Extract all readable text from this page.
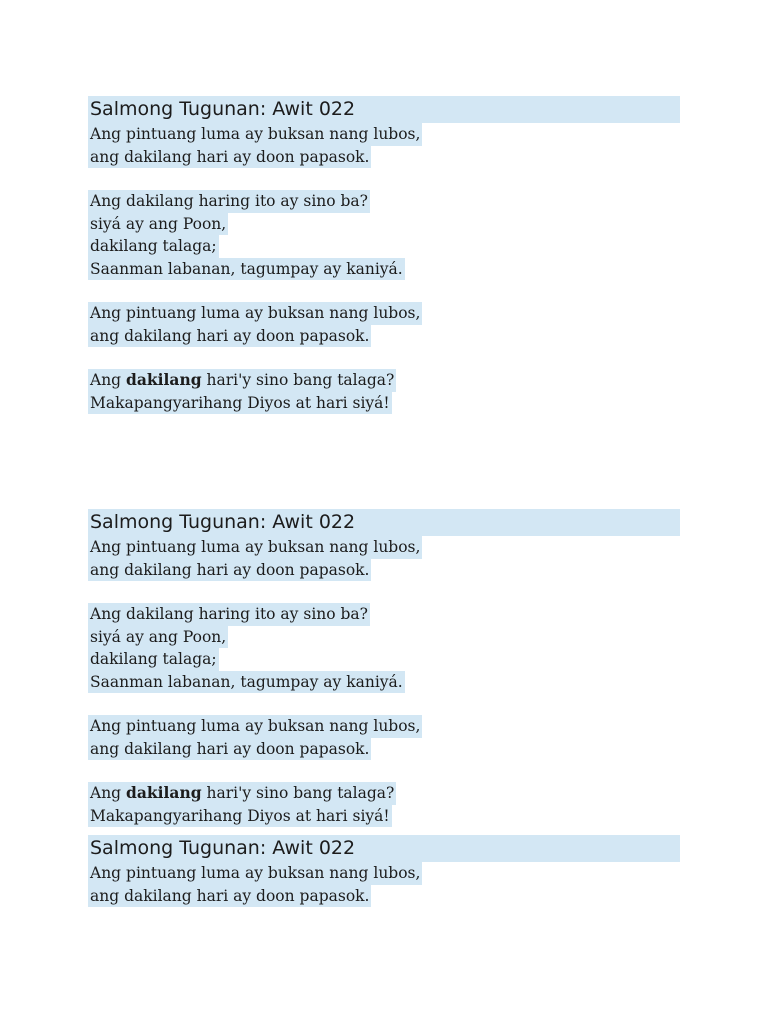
Salmong Tugunan: Awit 022
Ang pintuang luma ay buksan nang lubos,
ang dakilang hari ay doon papasok.
Ang dakilang haring ito ay sino ba?
siyá ay ang Poon,
dakilang talaga;
Saanman labanan, tagumpay ay kaniyá.
Ang pintuang luma ay buksan nang lubos,
ang dakilang hari ay doon papasok.
Ang dakilang hari'y sino bang talaga?
Makapangyarihang Diyos at hari siyá!
Salmong Tugunan: Awit 022
Ang pintuang luma ay buksan nang lubos,
ang dakilang hari ay doon papasok.
Ang dakilang haring ito ay sino ba?
siyá ay ang Poon,
dakilang talaga;
Saanman labanan, tagumpay ay kaniyá.
Ang pintuang luma ay buksan nang lubos,
ang dakilang hari ay doon papasok.
Ang dakilang hari'y sino bang talaga?
Makapangyarihang Diyos at hari siyá!
Salmong Tugunan: Awit 022
Ang pintuang luma ay buksan nang lubos,
ang dakilang hari ay doon papasok.
